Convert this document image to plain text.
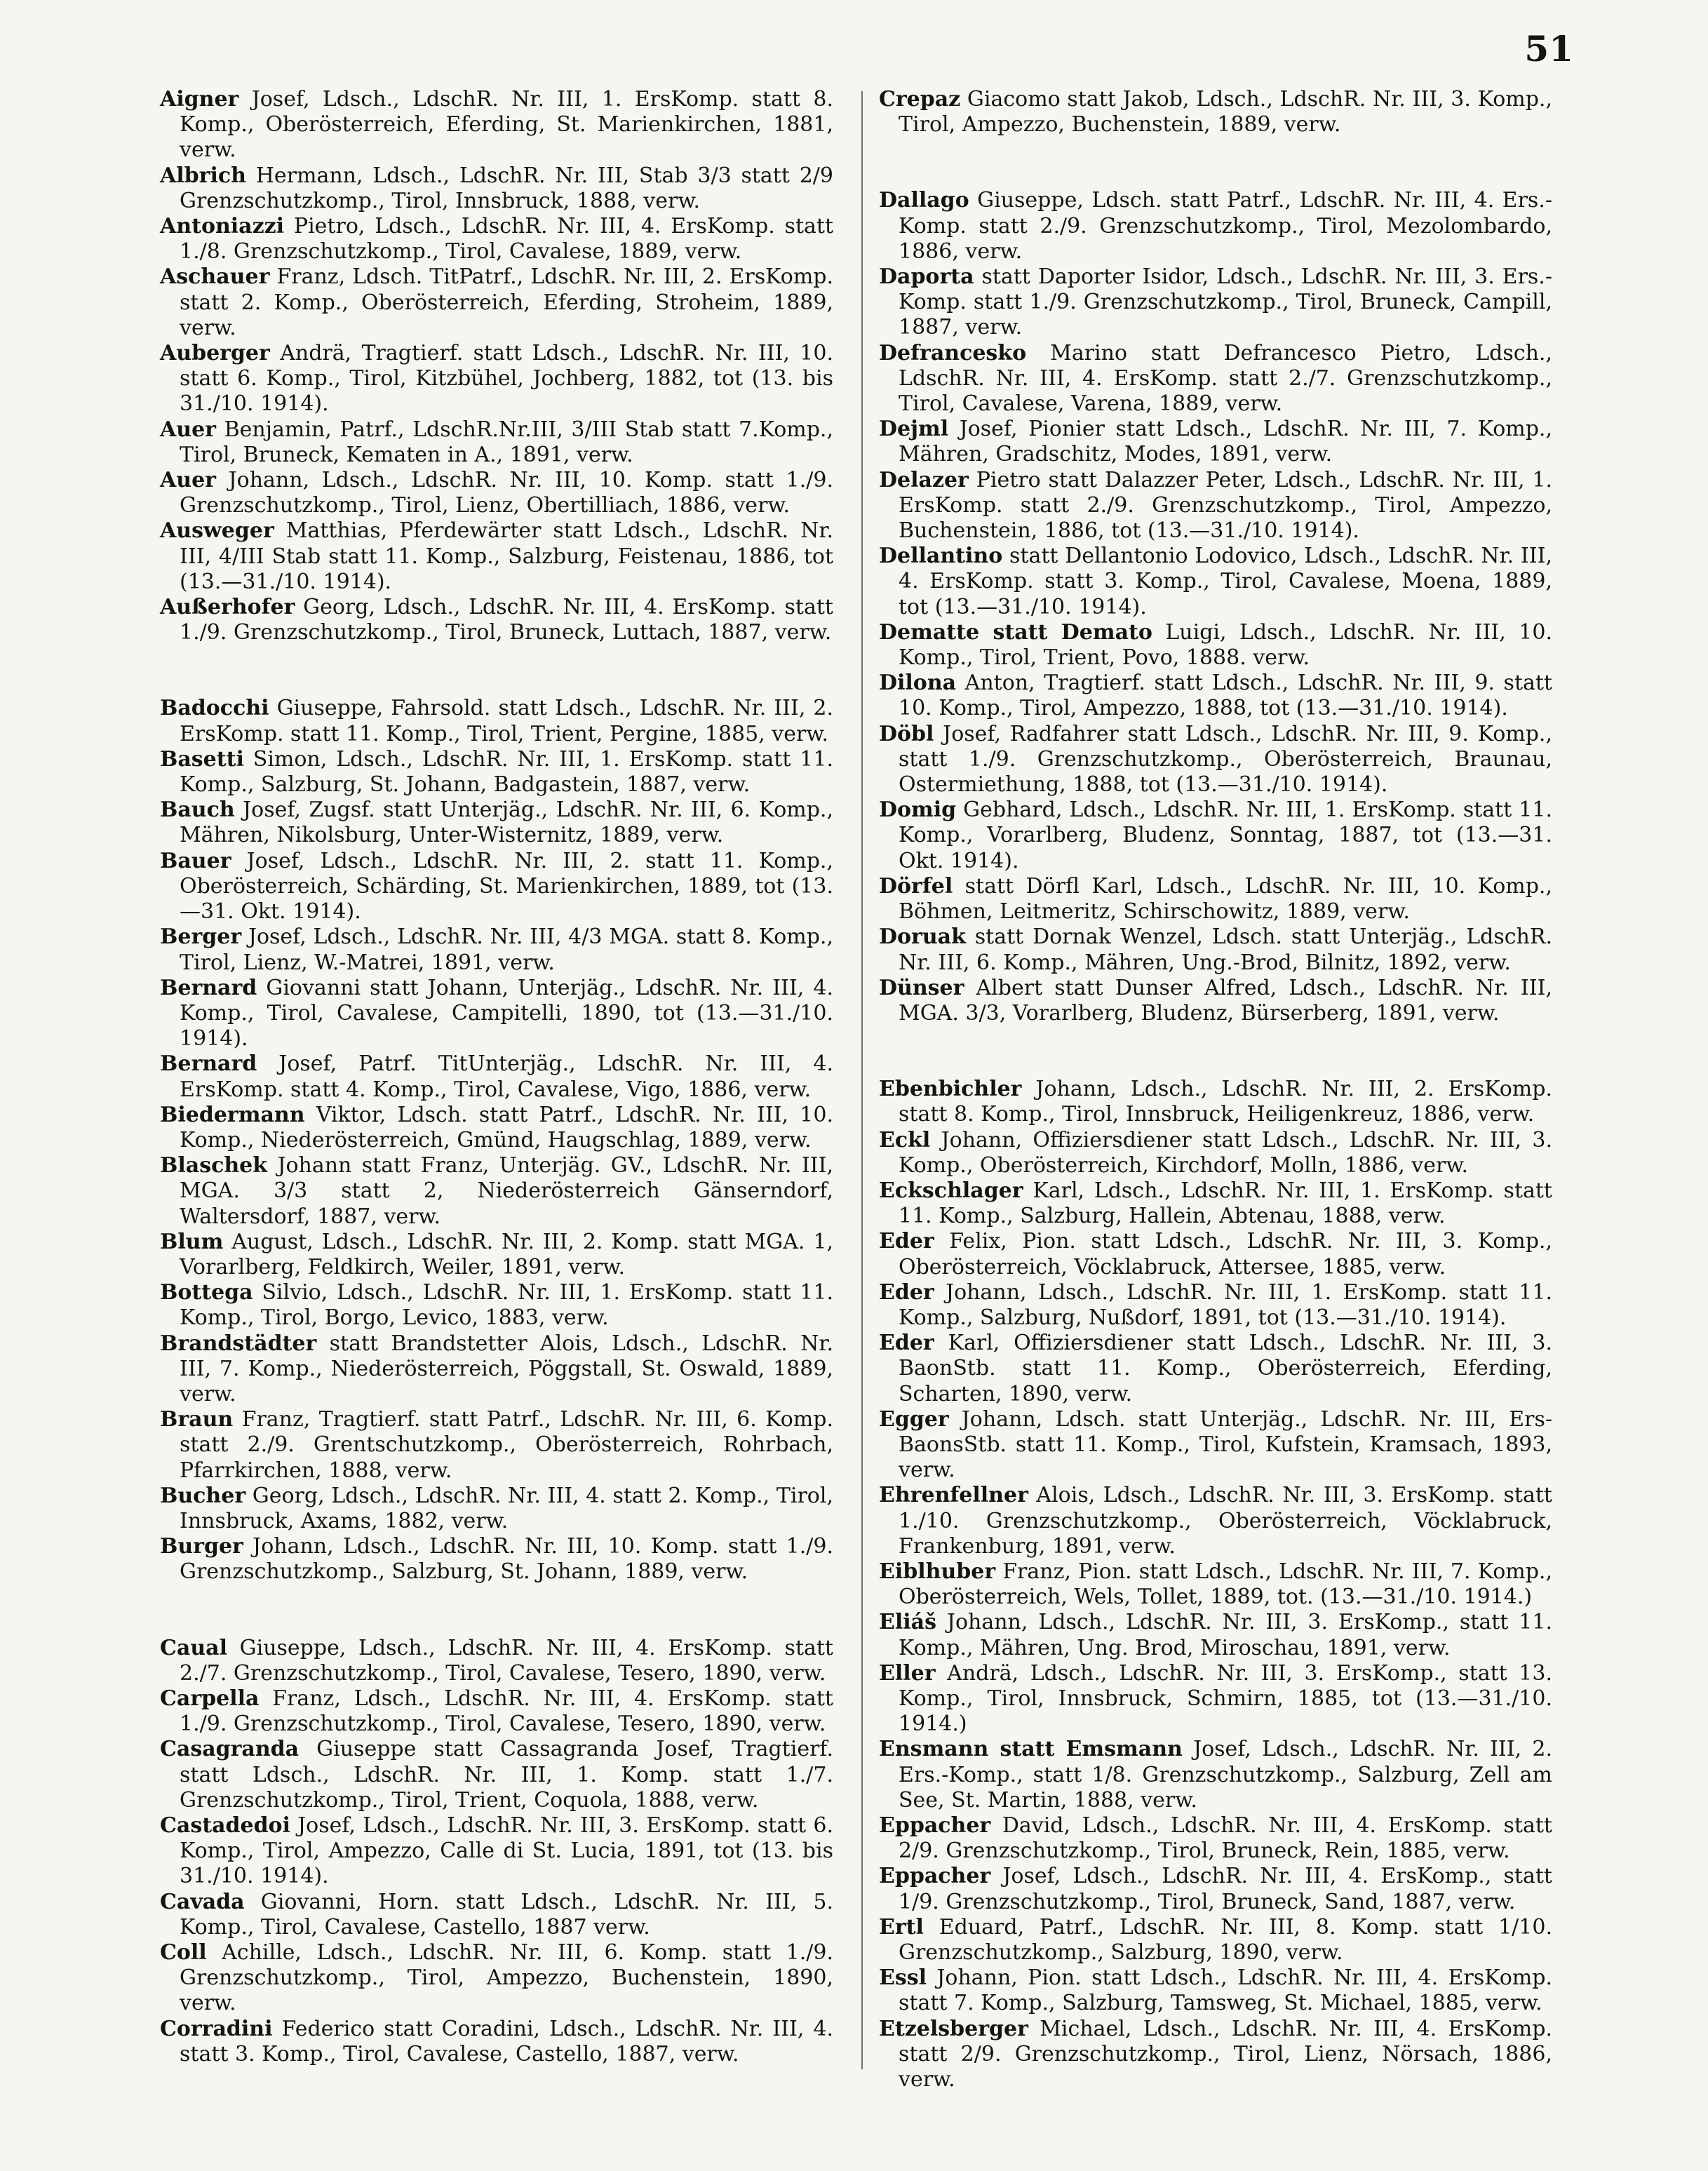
51

Aigner Josef, Ldsch., LdschR. Nr. III, 1. ErsKomp. statt 8. Komp., Oberösterreich, Eferding, St. Marienkirchen, 1881, verw.

Albrich Hermann, Ldsch., LdschR. Nr. III, Stab 3/3 statt 2/9 Grenzschutzkomp., Tirol, Innsbruck, 1888, verw.

Antoniazzi Pietro, Ldsch., LdschR. Nr. III, 4. ErsKomp. statt 1./8. Grenzschutzkomp., Tirol, Cavalese, 1889, verw.

Aschauer Franz, Ldsch. TitPatrf., LdschR. Nr. III, 2. ErsKomp. statt 2. Komp., Oberösterreich, Eferding, Stroheim, 1889, verw.

Auberger Andrä, Tragtierf. statt Ldsch., LdschR. Nr. III, 10. statt 6. Komp., Tirol, Kitzbühel, Jochberg, 1882, tot (13. bis 31./10. 1914).

Auer Benjamin, Patrf., LdschR.Nr.III, 3/III Stab statt 7.Komp., Tirol, Bruneck, Kematen in A., 1891, verw.

Auer Johann, Ldsch., LdschR. Nr. III, 10. Komp. statt 1./9. Grenzschutzkomp., Tirol, Lienz, Obertilliach, 1886, verw.

Ausweger Matthias, Pferdewärter statt Ldsch., LdschR. Nr. III, 4/III Stab statt 11. Komp., Salzburg, Feistenau, 1886, tot (13.—31./10. 1914).

Außerhofer Georg, Ldsch., LdschR. Nr. III, 4. ErsKomp. statt 1./9. Grenzschutzkomp., Tirol, Bruneck, Luttach, 1887, verw.

Badocchi Giuseppe, Fahrsold. statt Ldsch., LdschR. Nr. III, 2. ErsKomp. statt 11. Komp., Tirol, Trient, Pergine, 1885, verw.

Basetti Simon, Ldsch., LdschR. Nr. III, 1. ErsKomp. statt 11. Komp., Salzburg, St. Johann, Badgastein, 1887, verw.

Bauch Josef, Zugsf. statt Unterjäg., LdschR. Nr. III, 6. Komp., Mähren, Nikolsburg, Unter-Wisternitz, 1889, verw.

Bauer Josef, Ldsch., LdschR. Nr. III, 2. statt 11. Komp., Oberösterreich, Schärding, St. Marienkirchen, 1889, tot (13.—31. Okt. 1914).

Berger Josef, Ldsch., LdschR. Nr. III, 4/3 MGA. statt 8. Komp., Tirol, Lienz, W.-Matrei, 1891, verw.

Bernard Giovanni statt Johann, Unterjäg., LdschR. Nr. III, 4. Komp., Tirol, Cavalese, Campitelli, 1890, tot (13.—31./10. 1914).

Bernard Josef, Patrf. TitUnterjäg., LdschR. Nr. III, 4. ErsKomp. statt 4. Komp., Tirol, Cavalese, Vigo, 1886, verw.

Biedermann Viktor, Ldsch. statt Patrf., LdschR. Nr. III, 10. Komp., Niederösterreich, Gmünd, Haugschlag, 1889, verw.

Blaschek Johann statt Franz, Unterjäg. GV., LdschR. Nr. III, MGA. 3/3 statt 2, Niederösterreich Gänserndorf, Waltersdorf, 1887, verw.

Blum August, Ldsch., LdschR. Nr. III, 2. Komp. statt MGA. 1, Vorarlberg, Feldkirch, Weiler, 1891, verw.

Bottega Silvio, Ldsch., LdschR. Nr. III, 1. ErsKomp. statt 11. Komp., Tirol, Borgo, Levico, 1883, verw.

Brandstädter statt Brandstetter Alois, Ldsch., LdschR. Nr. III, 7. Komp., Niederösterreich, Pöggstall, St. Oswald, 1889, verw.

Braun Franz, Tragtierf. statt Patrf., LdschR. Nr. III, 6. Komp. statt 2./9. Grentschutzkomp., Oberösterreich, Rohrbach, Pfarrkirchen, 1888, verw.

Bucher Georg, Ldsch., LdschR. Nr. III, 4. statt 2. Komp., Tirol, Innsbruck, Axams, 1882, verw.

Burger Johann, Ldsch., LdschR. Nr. III, 10. Komp. statt 1./9. Grenzschutzkomp., Salzburg, St. Johann, 1889, verw.

Caual Giuseppe, Ldsch., LdschR. Nr. III, 4. ErsKomp. statt 2./7. Grenzschutzkomp., Tirol, Cavalese, Tesero, 1890, verw.

Carpella Franz, Ldsch., LdschR. Nr. III, 4. ErsKomp. statt 1./9. Grenzschutzkomp., Tirol, Cavalese, Tesero, 1890, verw.

Casagranda Giuseppe statt Cassagranda Josef, Tragtierf. statt Ldsch., LdschR. Nr. III, 1. Komp. statt 1./7. Grenzschutzkomp., Tirol, Trient, Coquola, 1888, verw.

Castadedoi Josef, Ldsch., LdschR. Nr. III, 3. ErsKomp. statt 6. Komp., Tirol, Ampezzo, Calle di St. Lucia, 1891, tot (13. bis 31./10. 1914).

Cavada Giovanni, Horn. statt Ldsch., LdschR. Nr. III, 5. Komp., Tirol, Cavalese, Castello, 1887 verw.

Coll Achille, Ldsch., LdschR. Nr. III, 6. Komp. statt 1./9. Grenzschutzkomp., Tirol, Ampezzo, Buchenstein, 1890, verw.

Corradini Federico statt Coradini, Ldsch., LdschR. Nr. III, 4. statt 3. Komp., Tirol, Cavalese, Castello, 1887, verw.

Crepaz Giacomo statt Jakob, Ldsch., LdschR. Nr. III, 3. Komp., Tirol, Ampezzo, Buchenstein, 1889, verw.

Dallago Giuseppe, Ldsch. statt Patrf., LdschR. Nr. III, 4. Ers.-Komp. statt 2./9. Grenzschutzkomp., Tirol, Mezolombardo, 1886, verw.

Daporta statt Daporter Isidor, Ldsch., LdschR. Nr. III, 3. Ers.-Komp. statt 1./9. Grenzschutzkomp., Tirol, Bruneck, Campill, 1887, verw.

Defrancesko Marino statt Defrancesco Pietro, Ldsch., LdschR. Nr. III, 4. ErsKomp. statt 2./7. Grenzschutzkomp., Tirol, Cavalese, Varena, 1889, verw.

Dejml Josef, Pionier statt Ldsch., LdschR. Nr. III, 7. Komp., Mähren, Gradschitz, Modes, 1891, verw.

Delazer Pietro statt Dalazzer Peter, Ldsch., LdschR. Nr. III, 1. ErsKomp. statt 2./9. Grenzschutzkomp., Tirol, Ampezzo, Buchenstein, 1886, tot (13.—31./10. 1914).

Dellantino statt Dellantonio Lodovico, Ldsch., LdschR. Nr. III, 4. ErsKomp. statt 3. Komp., Tirol, Cavalese, Moena, 1889, tot (13.—31./10. 1914).

Dematte statt Demato Luigi, Ldsch., LdschR. Nr. III, 10. Komp., Tirol, Trient, Povo, 1888. verw.

Dilona Anton, Tragtierf. statt Ldsch., LdschR. Nr. III, 9. statt 10. Komp., Tirol, Ampezzo, 1888, tot (13.—31./10. 1914).

Döbl Josef, Radfahrer statt Ldsch., LdschR. Nr. III, 9. Komp., statt 1./9. Grenzschutzkomp., Oberösterreich, Braunau, Ostermiethung, 1888, tot (13.—31./10. 1914).

Domig Gebhard, Ldsch., LdschR. Nr. III, 1. ErsKomp. statt 11. Komp., Vorarlberg, Bludenz, Sonntag, 1887, tot (13.—31. Okt. 1914).

Dörfel statt Dörfl Karl, Ldsch., LdschR. Nr. III, 10. Komp., Böhmen, Leitmeritz, Schirschowitz, 1889, verw.

Doruak statt Dornak Wenzel, Ldsch. statt Unterjäg., LdschR. Nr. III, 6. Komp., Mähren, Ung.-Brod, Bilnitz, 1892, verw.

Dünser Albert statt Dunser Alfred, Ldsch., LdschR. Nr. III, MGA. 3/3, Vorarlberg, Bludenz, Bürserberg, 1891, verw.

Ebenbichler Johann, Ldsch., LdschR. Nr. III, 2. ErsKomp. statt 8. Komp., Tirol, Innsbruck, Heiligenkreuz, 1886, verw.

Eckl Johann, Offiziersdiener statt Ldsch., LdschR. Nr. III, 3. Komp., Oberösterreich, Kirchdorf, Molln, 1886, verw.

Eckschlager Karl, Ldsch., LdschR. Nr. III, 1. ErsKomp. statt 11. Komp., Salzburg, Hallein, Abtenau, 1888, verw.

Eder Felix, Pion. statt Ldsch., LdschR. Nr. III, 3. Komp., Oberösterreich, Vöcklabruck, Attersee, 1885, verw.

Eder Johann, Ldsch., LdschR. Nr. III, 1. ErsKomp. statt 11. Komp., Salzburg, Nußdorf, 1891, tot (13.—31./10. 1914).

Eder Karl, Offiziersdiener statt Ldsch., LdschR. Nr. III, 3. BaonStb. statt 11. Komp., Oberösterreich, Eferding, Scharten, 1890, verw.

Egger Johann, Ldsch. statt Unterjäg., LdschR. Nr. III, Ers-BaonsStb. statt 11. Komp., Tirol, Kufstein, Kramsach, 1893, verw.

Ehrenfellner Alois, Ldsch., LdschR. Nr. III, 3. ErsKomp. statt 1./10. Grenzschutzkomp., Oberösterreich, Vöcklabruck, Frankenburg, 1891, verw.

Eiblhuber Franz, Pion. statt Ldsch., LdschR. Nr. III, 7. Komp., Oberösterreich, Wels, Tollet, 1889, tot. (13.—31./10. 1914.)

Eliáš Johann, Ldsch., LdschR. Nr. III, 3. ErsKomp., statt 11. Komp., Mähren, Ung. Brod, Miroschau, 1891, verw.

Eller Andrä, Ldsch., LdschR. Nr. III, 3. ErsKomp., statt 13. Komp., Tirol, Innsbruck, Schmirn, 1885, tot (13.—31./10. 1914.)

Ensmann statt Emsmann Josef, Ldsch., LdschR. Nr. III, 2. Ers.-Komp., statt 1/8. Grenzschutzkomp., Salzburg, Zell am See, St. Martin, 1888, verw.

Eppacher David, Ldsch., LdschR. Nr. III, 4. ErsKomp. statt 2/9. Grenzschutzkomp., Tirol, Bruneck, Rein, 1885, verw.

Eppacher Josef, Ldsch., LdschR. Nr. III, 4. ErsKomp., statt 1/9. Grenzschutzkomp., Tirol, Bruneck, Sand, 1887, verw.

Ertl Eduard, Patrf., LdschR. Nr. III, 8. Komp. statt 1/10. Grenzschutzkomp., Salzburg, 1890, verw.

Essl Johann, Pion. statt Ldsch., LdschR. Nr. III, 4. ErsKomp. statt 7. Komp., Salzburg, Tamsweg, St. Michael, 1885, verw.

Etzelsberger Michael, Ldsch., LdschR. Nr. III, 4. ErsKomp. statt 2/9. Grenzschutzkomp., Tirol, Lienz, Nörsach, 1886, verw.
